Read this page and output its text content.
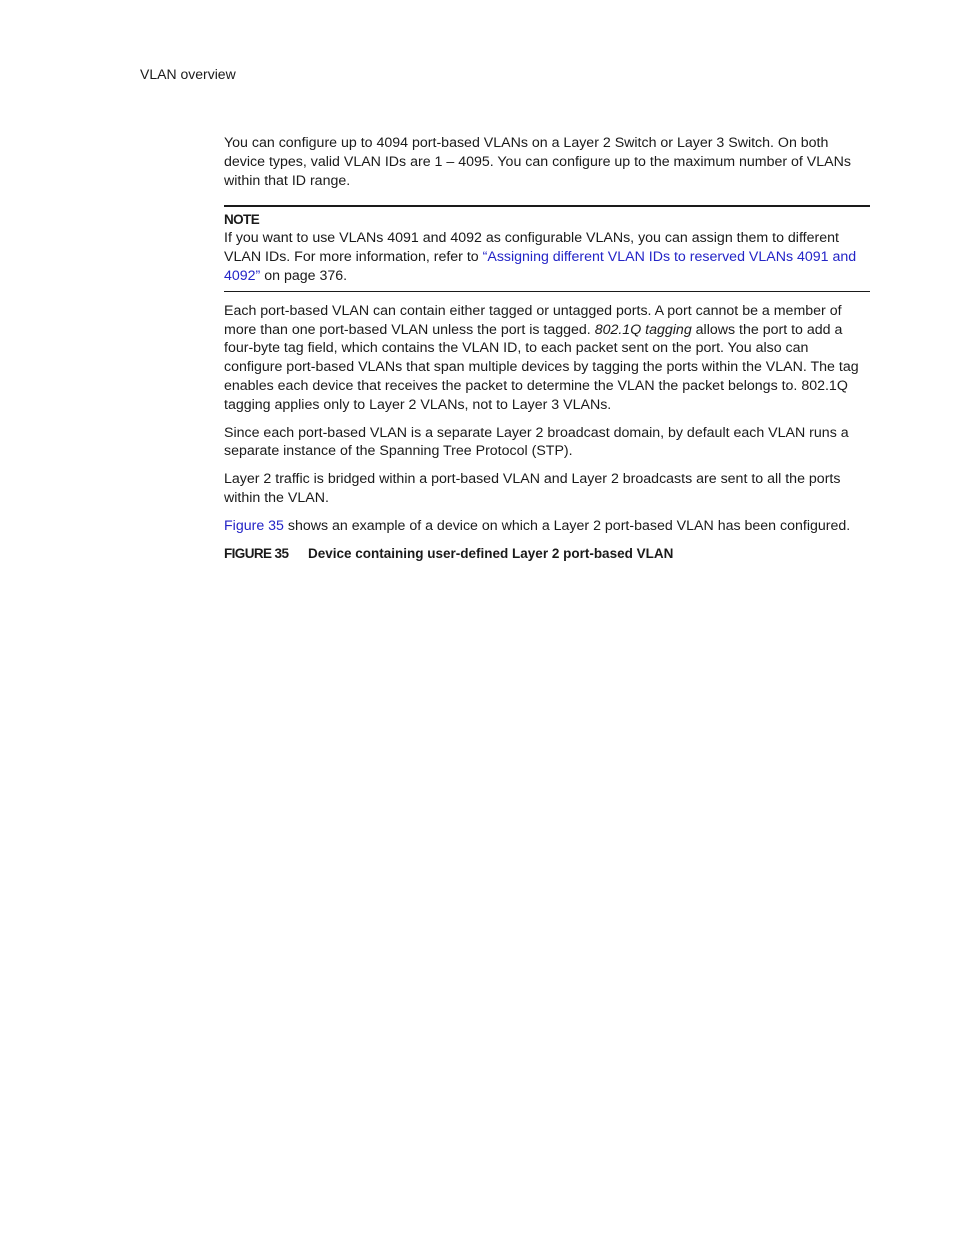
VLAN overview

You can configure up to 4094 port-based VLANs on a Layer 2 Switch or Layer 3 Switch. On both device types, valid VLAN IDs are 1 – 4095. You can configure up to the maximum number of VLANs within that ID range.

NOTE

If you want to use VLANs 4091 and 4092 as configurable VLANs, you can assign them to different VLAN IDs. For more information, refer to “Assigning different VLAN IDs to reserved VLANs 4091 and 4092” on page 376.

Each port-based VLAN can contain either tagged or untagged ports. A port cannot be a member of more than one port-based VLAN unless the port is tagged. 802.1Q tagging allows the port to add a four-byte tag field, which contains the VLAN ID, to each packet sent on the port. You also can configure port-based VLANs that span multiple devices by tagging the ports within the VLAN. The tag enables each device that receives the packet to determine the VLAN the packet belongs to. 802.1Q tagging applies only to Layer 2 VLANs, not to Layer 3 VLANs.

Since each port-based VLAN is a separate Layer 2 broadcast domain, by default each VLAN runs a separate instance of the Spanning Tree Protocol (STP).

Layer 2 traffic is bridged within a port-based VLAN and Layer 2 broadcasts are sent to all the ports within the VLAN.

Figure 35 shows an example of a device on which a Layer 2 port-based VLAN has been configured.

FIGURE 35 Device containing user-defined Layer 2 port-based VLAN
